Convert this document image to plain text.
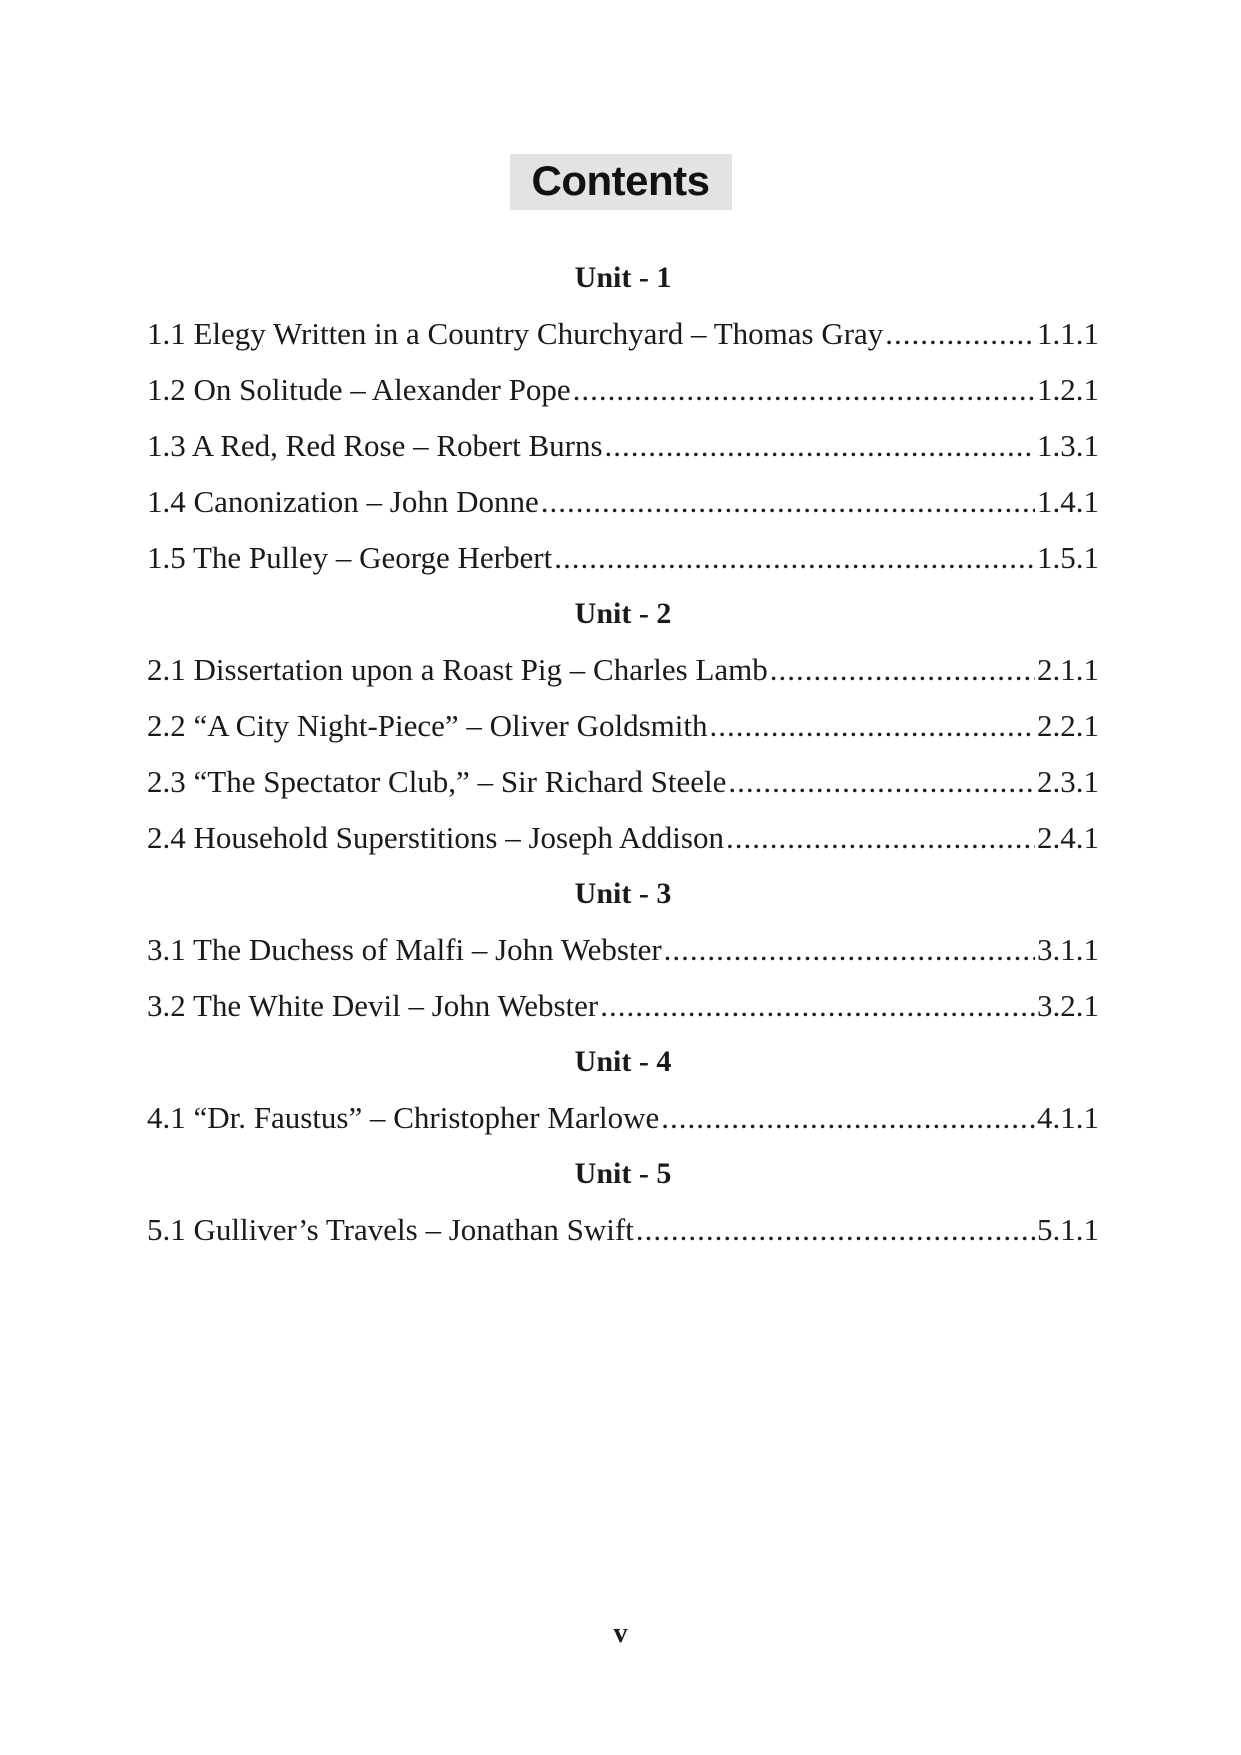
Contents
Unit - 1
1.1 Elegy Written in a Country Churchyard – Thomas Gray .....	1.1.1
1.2 On Solitude – Alexander Pope .....	1.2.1
1.3 A Red, Red Rose – Robert Burns .....	1.3.1
1.4 Canonization – John Donne .....	1.4.1
1.5 The Pulley – George Herbert .....	1.5.1
Unit - 2
2.1 Dissertation upon a Roast Pig – Charles Lamb .....	2.1.1
2.2 “A City Night-Piece” – Oliver Goldsmith .....	2.2.1
2.3 “The Spectator Club,” – Sir Richard Steele .....	2.3.1
2.4 Household Superstitions – Joseph Addison .....	2.4.1
Unit - 3
3.1 The Duchess of Malfi – John Webster .....	3.1.1
3.2 The White Devil – John Webster .....	3.2.1
Unit - 4
4.1 “Dr. Faustus” – Christopher Marlowe .....	4.1.1
Unit - 5
5.1 Gulliver’s Travels – Jonathan Swift .....	5.1.1
v
